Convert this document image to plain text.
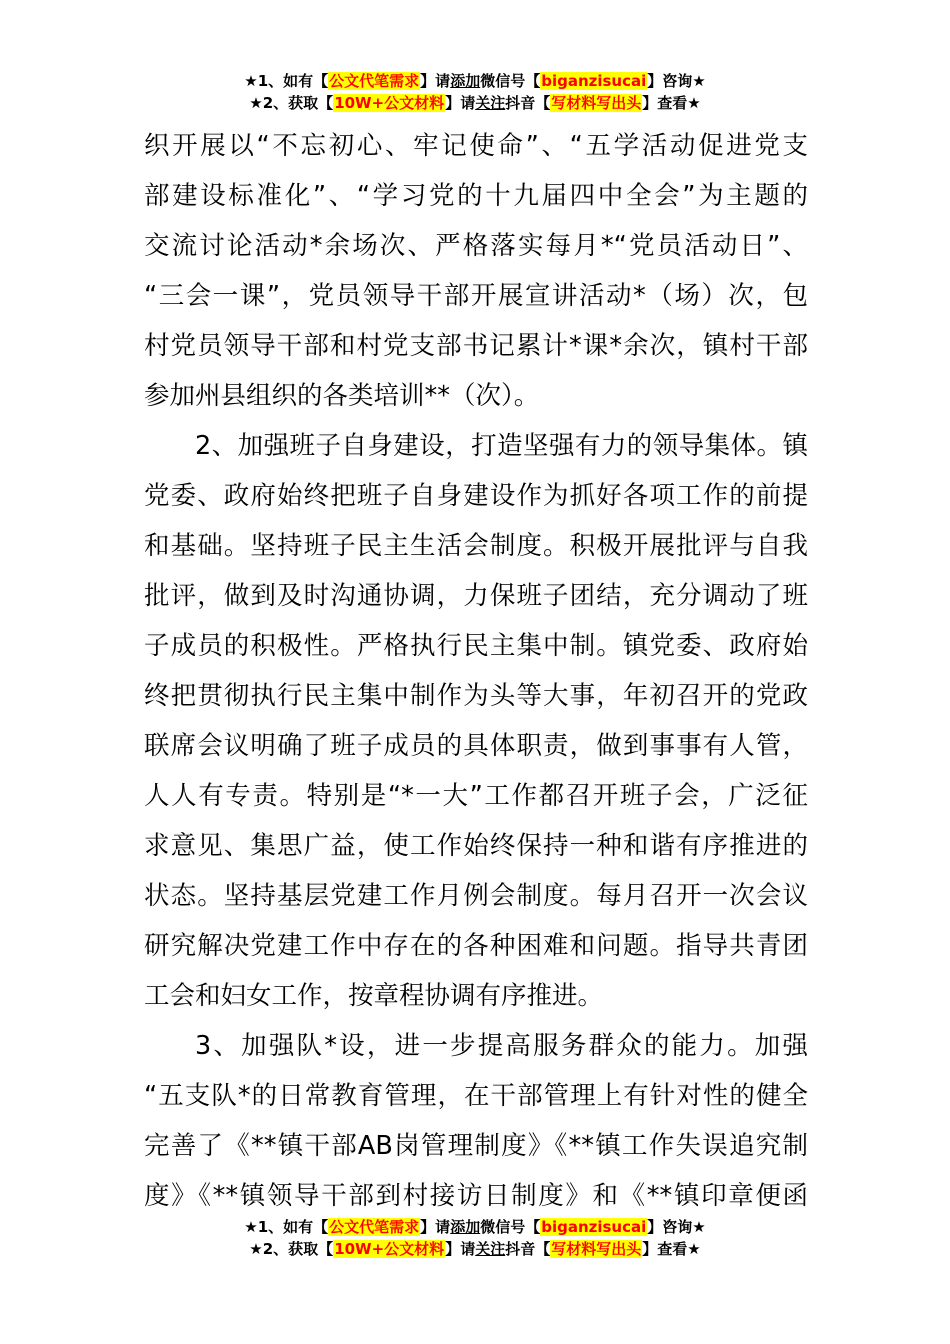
★1、如有【公文代笔需求】请添加微信号【biganzisucai】咨询★
★2、获取【10W+公文材料】请关注抖音【写材料写出头】查看★
织开展以“不忘初心、牢记使命”、“五学活动促进党支
部建设标准化”、“学习党的十九届四中全会”为主题的
交流讨论活动*余场次、严格落实每月*“党员活动日”、
“三会一课”，党员领导干部开展宣讲活动*（场）次，包
村党员领导干部和村党支部书记累计*课*余次，镇村干部
参加州县组织的各类培训**（次）。
2、加强班子自身建设，打造坚强有力的领导集体。镇
党委、政府始终把班子自身建设作为抓好各项工作的前提
和基础。坚持班子民主生活会制度。积极开展批评与自我
批评，做到及时沟通协调，力保班子团结，充分调动了班
子成员的积极性。严格执行民主集中制。镇党委、政府始
终把贯彻执行民主集中制作为头等大事，年初召开的党政
联席会议明确了班子成员的具体职责，做到事事有人管，
人人有专责。特别是“*一大”工作都召开班子会，广泛征
求意见、集思广益，使工作始终保持一种和谐有序推进的
状态。坚持基层党建工作月例会制度。每月召开一次会议
研究解决党建工作中存在的各种困难和问题。指导共青团
工会和妇女工作，按章程协调有序推进。
3、加强队*设，进一步提高服务群众的能力。加强
“五支队*的日常教育管理，在干部管理上有针对性的健全
完善了《**镇干部AB岗管理制度》《**镇工作失误追究制
度》《**镇领导干部到村接访日制度》和《**镇印章便函
★1、如有【公文代笔需求】请添加微信号【biganzisucai】咨询★
★2、获取【10W+公文材料】请关注抖音【写材料写出头】查看★
